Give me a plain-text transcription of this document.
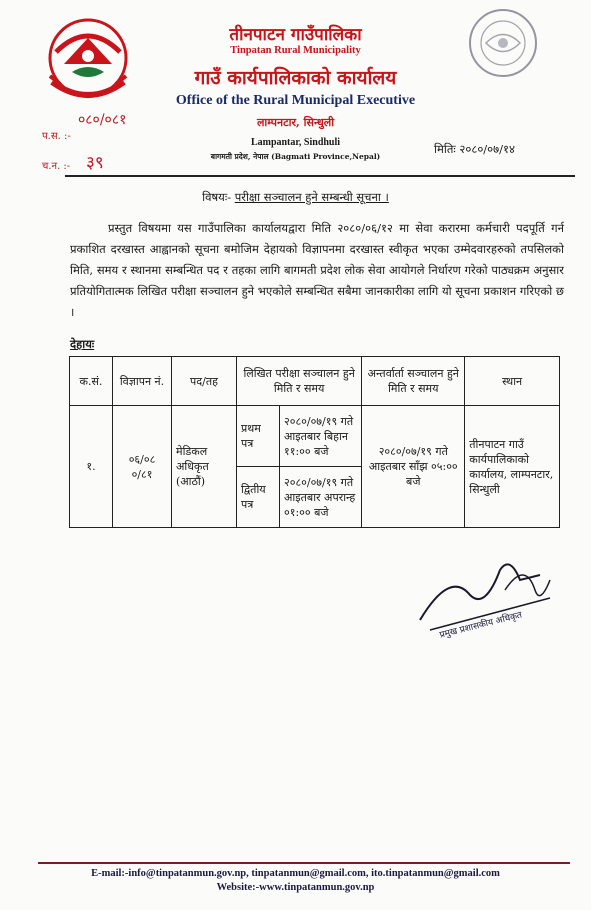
तीनपाटन गाउँपालिका
Tinpatan Rural Municipality
गाउँ कार्यपालिकाको कार्यालय
Office of the Rural Municipal Executive
लाम्पनटार, सिन्धुली
Lampantar, Sindhuli
बागमती प्रदेश, नेपाल (Bagmati Province,Nepal)
प.स. :-
०८०/०८१
च.न. :- ३९
मितिः २०८०/०७/१४
विषयः- परीक्षा सञ्चालन हुने सम्बन्धी सूचना ।
प्रस्तुत विषयमा यस गाउँपालिका कार्यालयद्वारा मिति २०८०/०६/१२ मा सेवा करारमा कर्मचारी पदपूर्ति गर्न प्रकाशित दरखास्त आह्वानको सूचना बमोजिम देहायको विज्ञापनमा दरखास्त स्वीकृत भएका उम्मेदवारहरुको तपसिलको मिति, समय र स्थानमा सम्बन्धित पद र तहका लागि बागमती प्रदेश लोक सेवा आयोगले निर्धारण गरेको पाठ्यक्रम अनुसार प्रतियोगितात्मक लिखित परीक्षा सञ्चालन हुने भएकोले सम्बन्धित सबैमा जानकारीका लागि यो सूचना प्रकाशन गरिएको छ ।
देहायः
क.सं.	विज्ञापन नं.	पद/तह	लिखित परीक्षा सञ्चालन हुने मिति र समय		अन्तर्वार्ता सञ्चालन हुने मिति र समय	स्थान
१.	०६/०८ ०/८१	मेडिकल अधिकृत (आठौं)	प्रथम पत्र	२०८०/०७/१९ गते आइतबार बिहान ११:०० बजे	२०८०/०७/१९ गते आइतबार साँझ ०५:०० बजे	तीनपाटन गाउँ कार्यपालिकाको कार्यालय, लाम्पनटार, सिन्धुली
			द्वितीय पत्र	२०८०/०७/१९ गते आइतबार अपरान्ह ०१:०० बजे		
प्रमुख प्रशासकीय अधिकृत
E-mail:-info@tinpatanmun.gov.np, tinpatanmun@gmail.com, ito.tinpatanmun@gmail.com
Website:-www.tinpatanmun.gov.np
